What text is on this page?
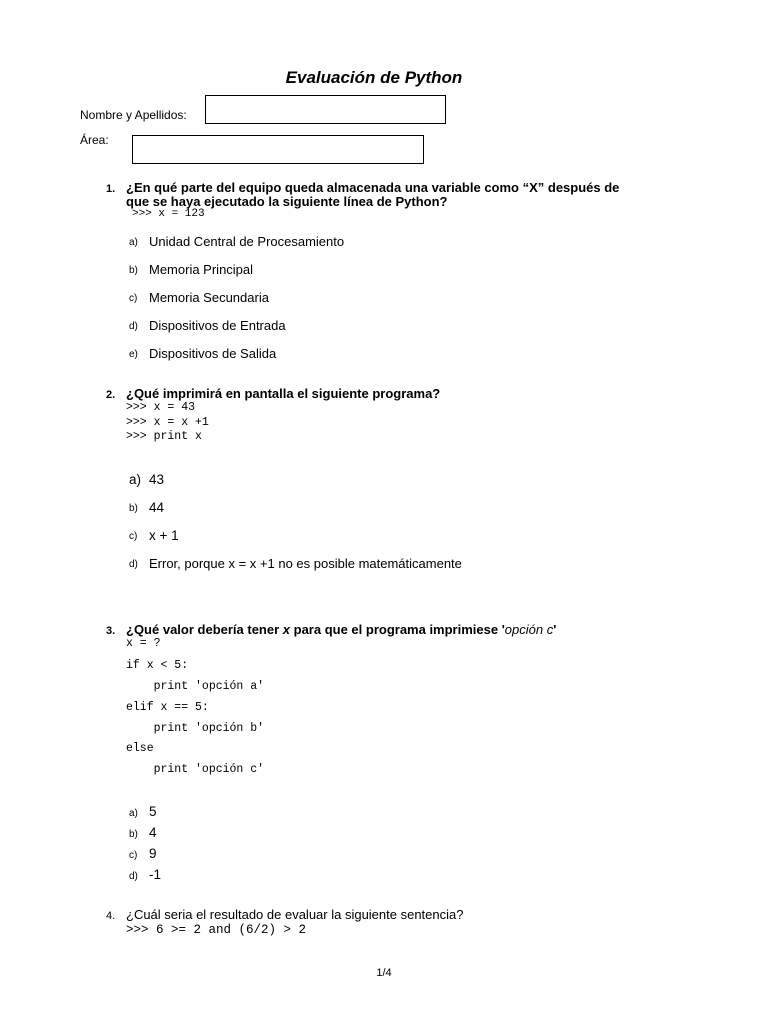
Evaluación de Python
Nombre y Apellidos:
Área:
1. ¿En qué parte del equipo queda almacenada una variable como “X” después de
que se haya ejecutado la siguiente línea de Python?
>>> x = 123
a) Unidad Central de Procesamiento
b) Memoria Principal
c) Memoria Secundaria
d) Dispositivos de Entrada
e) Dispositivos de Salida
2. ¿Qué imprimirá en pantalla el siguiente programa?
>>> x = 43
>>> x = x +1
>>> print x
a) 43
b) 44
c) x + 1
d) Error, porque x = x +1 no es posible matemáticamente
3. ¿Qué valor debería tener x para que el programa imprimiese 'opción c'
x = ?
if x < 5:
print 'opción a'
elif x == 5:
print 'opción b'
else
print 'opción c'
a) 5
b) 4
c) 9
d) -1
4. ¿Cuál seria el resultado de evaluar la siguiente sentencia?
>>> 6 >= 2 and (6/2) > 2
1/4
